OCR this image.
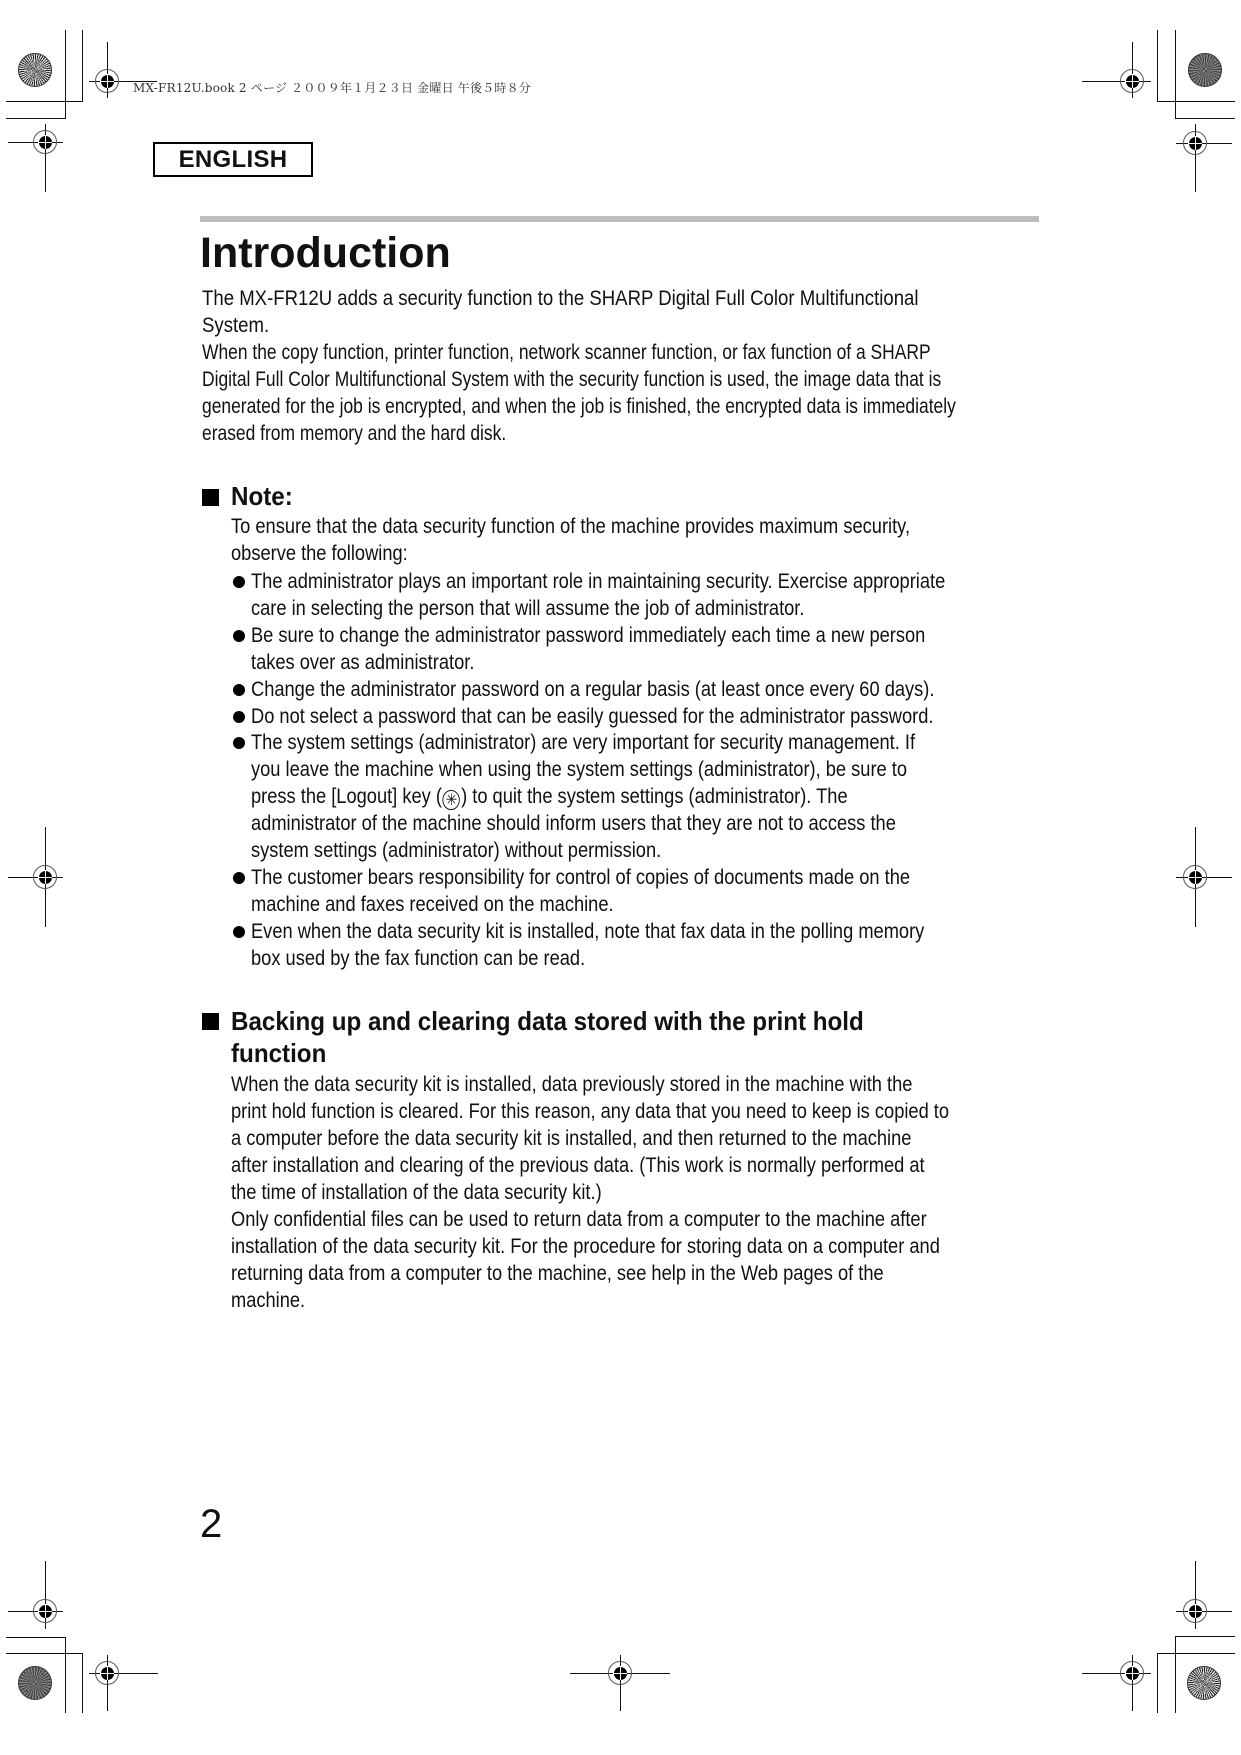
MX-FR12U.book 2 ページ ２００９年１月２３日 金曜日 午後５時８分
ENGLISH
Introduction
The MX-FR12U adds a security function to the SHARP Digital Full Color Multifunctional
System.
When the copy function, printer function, network scanner function, or fax function of a SHARP
Digital Full Color Multifunctional System with the security function is used, the image data that is
generated for the job is encrypted, and when the job is finished, the encrypted data is immediately
erased from memory and the hard disk.
Note:
To ensure that the data security function of the machine provides maximum security,
observe the following:
The administrator plays an important role in maintaining security. Exercise appropriate
care in selecting the person that will assume the job of administrator.
Be sure to change the administrator password immediately each time a new person
takes over as administrator.
Change the administrator password on a regular basis (at least once every 60 days).
Do not select a password that can be easily guessed for the administrator password.
The system settings (administrator) are very important for security management. If
you leave the machine when using the system settings (administrator), be sure to
press the [Logout] key ( ✳ ) to quit the system settings (administrator). The
administrator of the machine should inform users that they are not to access the
system settings (administrator) without permission.
The customer bears responsibility for control of copies of documents made on the
machine and faxes received on the machine.
Even when the data security kit is installed, note that fax data in the polling memory
box used by the fax function can be read.
Backing up and clearing data stored with the print hold
function
When the data security kit is installed, data previously stored in the machine with the
print hold function is cleared. For this reason, any data that you need to keep is copied to
a computer before the data security kit is installed, and then returned to the machine
after installation and clearing of the previous data. (This work is normally performed at
the time of installation of the data security kit.)
Only confidential files can be used to return data from a computer to the machine after
installation of the data security kit. For the procedure for storing data on a computer and
returning data from a computer to the machine, see help in the Web pages of the
machine.
2
